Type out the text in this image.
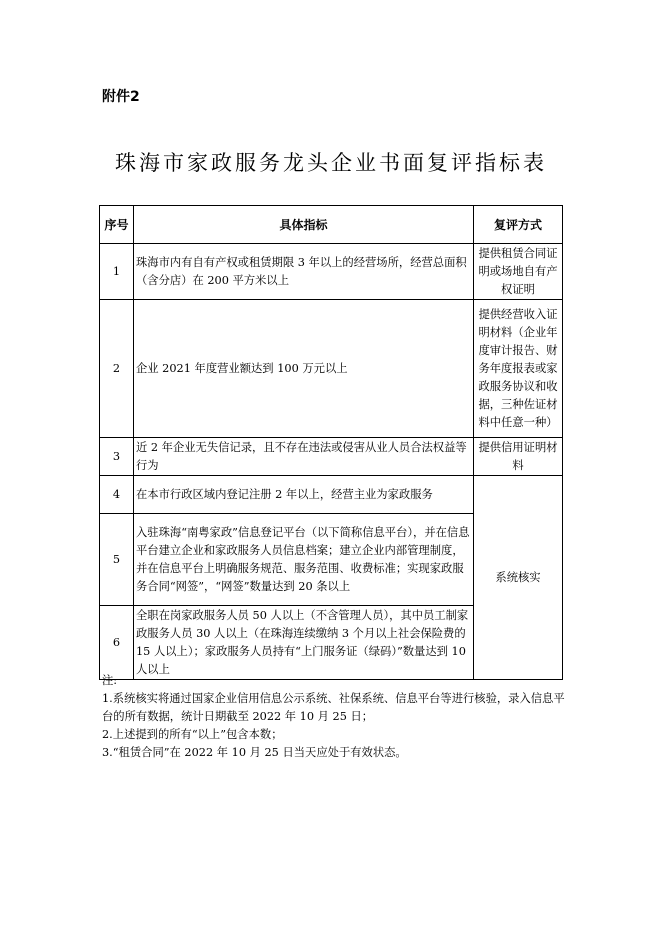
附件2
珠海市家政服务龙头企业书面复评指标表
序号	具体指标	复评方式
1	珠海市内有自有产权或租赁期限 3 年以上的经营场所，经营总面积（含分店）在 200 平方米以上	提供租赁合同证明或场地自有产权证明
2	企业 2021 年度营业额达到 100 万元以上	提供经营收入证明材料（企业年度审计报告、财务年度报表或家政服务协议和收据，三种佐证材料中任意一种）
3	近 2 年企业无失信记录，且不存在违法或侵害从业人员合法权益等行为	提供信用证明材料
4	在本市行政区域内登记注册 2 年以上，经营主业为家政服务	系统核实
5	入驻珠海“南粤家政”信息登记平台（以下简称信息平台），并在信息平台建立企业和家政服务人员信息档案；建立企业内部管理制度，并在信息平台上明确服务规范、服务范围、收费标准；实现家政服务合同“网签”，“网签”数量达到 20 条以上	
6	全职在岗家政服务人员 50 人以上（不含管理人员），其中员工制家政服务人员 30 人以上（在珠海连续缴纳 3 个月以上社会保险费的 15 人以上）；家政服务人员持有“上门服务证（绿码）”数量达到 10 人以上	
注:
1.系统核实将通过国家企业信用信息公示系统、社保系统、信息平台等进行核验，录入信息平台的所有数据，统计日期截至 2022 年 10 月 25 日；
2.上述提到的所有“以上”包含本数；
3.“租赁合同”在 2022 年 10 月 25 日当天应处于有效状态。
